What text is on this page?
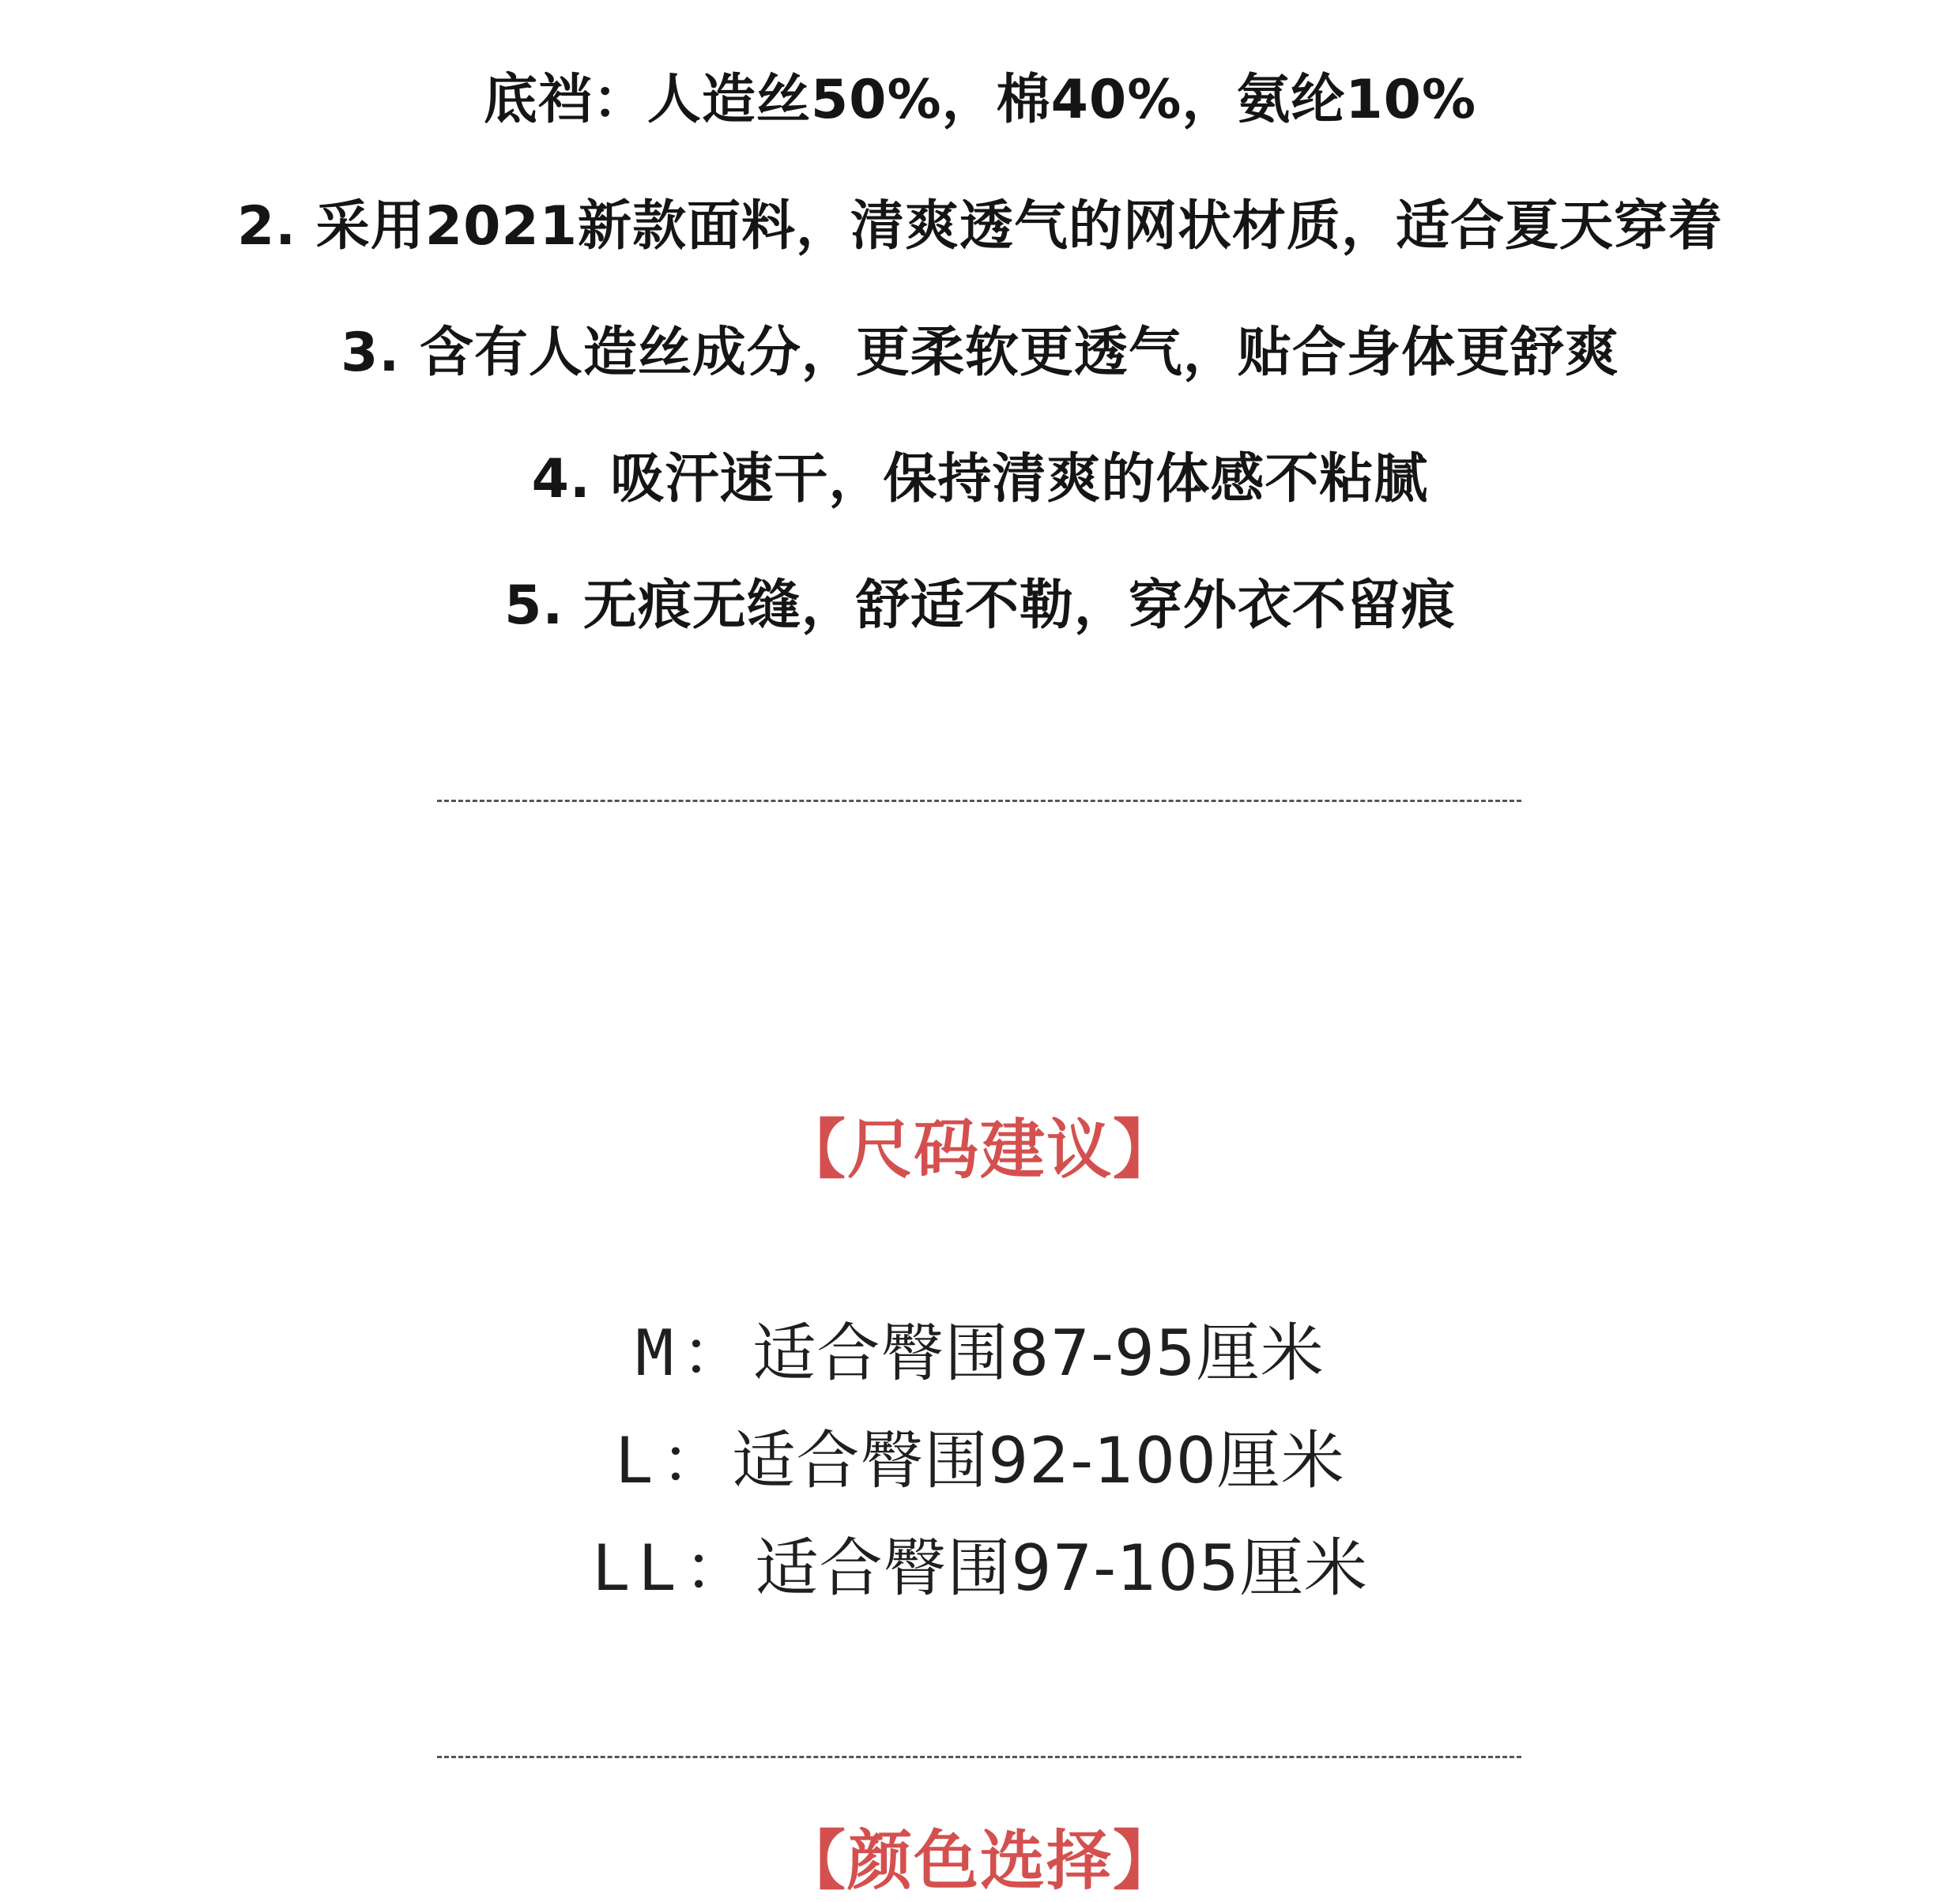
底裆：人造丝50%，棉40%，氨纶10%
2. 采用2021新款面料，清爽透气的网状材质，适合夏天穿着
3. 含有人造丝成分，更柔软更透气，贴合身体更舒爽
4. 吸汗速干，保持清爽的体感不粘腻
5. 无痕无缝，舒适不勒，穿外衣不留痕
【尺码建议】
M：适合臀围87-95厘米
L：适合臀围92-100厘米
LL：适合臀围97-105厘米
【颜色选择】
